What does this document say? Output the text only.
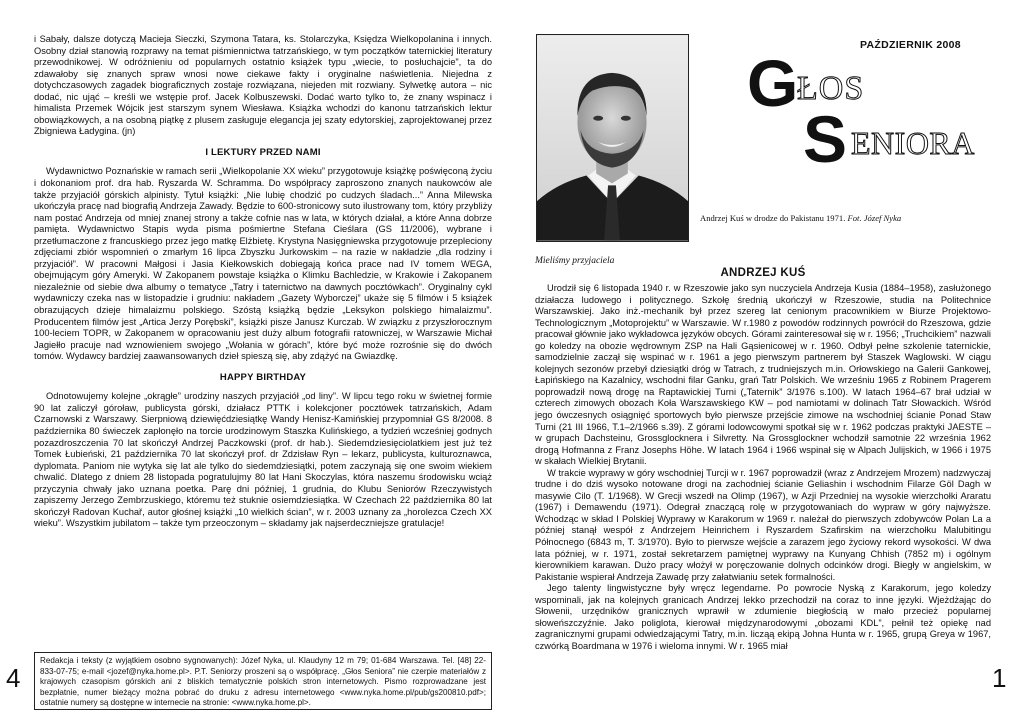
i Sabały, dalsze dotyczą Macieja Sieczki, Szymona Tatara, ks. Stolarczyka, Księdza Wielkopolanina i innych. Osobny dział stanowią rozprawy na temat piśmiennictwa tatrzańskiego, w tym początków taternickiej literatury przewodnikowej. W odróżnieniu od popularnych ostatnio książek typu „wiecie, to posłuchajcie”, ta do zdawałoby się znanych spraw wnosi nowe ciekawe fakty i oryginalne naświetlenia. Niejedna z dotychczasowych zagadek biograficznych zostaje rozwiązana, niejeden mit rozwiany. Sylwetkę autora – nic dodać, nic ująć – kreśli we wstępie prof. Jacek Kolbuszewski. Dodać warto tylko to, że znany wspinacz i himalista Przemek Wójcik jest starszym synem Wiesława. Książka wchodzi do kanonu tatrzańskich lektur obowiązkowych, a na osobną piątkę z plusem zasługuje elegancja jej szaty edytorskiej, zaprojektowanej przez Zbigniewa Ładygina. (jn)

I LEKTURY PRZED NAMI

Wydawnictwo Poznańskie w ramach serii „Wielkopolanie XX wieku” przygotowuje książkę poświęconą życiu i dokonaniom prof. dra hab. Ryszarda W. Schramma. Do współpracy zaproszono znanych naukowców ale także przyjaciół górskich alpinisty. Tytuł książki: „Nie lubię chodzić po cudzych śladach...” Anna Milewska ukończyła pracę nad biografią Andrzeja Zawady. Będzie to 600-stronicowy suto ilustrowany tom, który przybliży nam postać Andrzeja od mniej znanej strony a także cofnie nas w lata, w których działał, a które Anna dobrze pamięta. Wydawnictwo Stapis wyda pisma pośmiertne Stefana Cieślara (GS 11/2006), wybrane i przetłumaczone z francuskiego przez jego matkę Elżbietę. Krystyna Nasięgniewska przygotowuje przepleciony zdjęciami zbiór wspomnień o zmarłym 16 lipca Zbyszku Jurkowskim – na razie w nakładzie „dla rodziny i przyjaciół”. W pracowni Małgosi i Jasia Kiełkowskich dobiegają końca prace nad IV tomem WEGA, obejmującym góry Ameryki. W Zakopanem powstaje książka o Klimku Bachledzie, w Krakowie i Zakopanem niezależnie od siebie dwa albumy o tematyce „Tatry i taternictwo na dawnych pocztówkach”. Oryginalny cykl wydawniczy czeka nas w listopadzie i grudniu: nakładem „Gazety Wyborczej” ukaże się 5 filmów i 5 książek obrazujących dzieje himalaizmu polskiego. Szóstą książką będzie „Leksykon polskiego himalaizmu”. Producentem filmów jest „Artica Jerzy Porębski”, książki pisze Janusz Kurczab. W związku z przyszłorocznym 100-leciem TOPR, w Zakopanem w opracowaniu jest duży album fotografii ratowniczej, w Warszawie Michał Jagiełło pracuje nad wznowieniem swojego „Wołania w górach”, które być może rozrośnie się do dwóch tomów. Wydawcy bardziej zaawansowanych dzieł spieszą się, aby zdążyć na Gwiazdkę.

HAPPY BIRTHDAY

Odnotowujemy kolejne „okrągłe” urodziny naszych przyjaciół „od liny”. W lipcu tego roku w świetnej formie 90 lat zaliczył góroław, publicysta górski, działacz PTTK i kolekcjoner pocztówek tatrzańskich, Adam Czarnowski z Warszawy. Sierpniową dziewięćdziesiątkę Wandy Henisz-Kamińskiej przypomniał GS 8/2008. 8 października 80 świeczek zapłonęło na torcie urodzinowym Staszka Kulińskiego, a tydzień wcześniej godnych pozazdroszczenia 70 lat skończył Andrzej Paczkowski (prof. dr hab.). Siedemdziesięciolatkiem jest już też Tomek Łubieński, 21 października 70 lat skończył prof. dr Zdzisław Ryn – lekarz, publicysta, kulturoznawca, dyplomata. Paniom nie wytyka się lat ale tylko do siedemdziesiątki, potem zaczynają się one swoim wiekiem chwalić. Dlatego z dniem 28 listopada pogratulujmy 80 lat Hani Skoczylas, która naszemu środowisku wciąż przyczynia chwały jako uznana poetka. Parę dni później, 1 grudnia, do Klubu Seniorów Rzeczywistych zapiszemy Jerzego Zembrzuskiego, któremu też stuknie osiemdziesiątka. W Czechach 22 października 80 lat skończył Radovan Kuchař, autor głośnej książki „10 wielkich ścian”, w r. 2003 uznany za „horolezca Czech XX wieku”. Wszystkim jubilatom – także tym przeoczonym – składamy jak najserdeczniejsze gratulacje!

Redakcja i teksty (z wyjątkiem osobno sygnowanych): Józef Nyka, ul. Klaudyny 12 m 79; 01-684 Warszawa. Tel. [48] 22-833-07-75; e-mail <jozef@nyka.home.pl>. P.T. Seniorzy proszeni są o współpracę. „Głos Seniora” nie czerpie materiałów z krajowych czasopism górskich ani z bliskich tematycznie polskich stron internetowych. Pismo rozprowadzane jest bezpłatnie, numer bieżący można pobrać do druku z adresu internetowego <www.nyka.home.pl/pub/gs200810.pdf>; ostatnie numery są dostępne w internecie na stronie: <www.nyka.home.pl>.
4
PAŹDZIERNIK 2008
G
ŁOS
S ENIORA
Andrzej Kuś w drodze do Pakistanu 1971. Fot. Józef Nyka
Mieliśmy przyjaciela
ANDRZEJ KUŚ

Urodził się 6 listopada 1940 r. w Rzeszowie jako syn nuczyciela Andrzeja Kusia (1884–1958), zasłużonego działacza ludowego i politycznego. Szkołę średnią ukończył w Rzeszowie, studia na Politechnice Warszawskiej. Jako inż.-mechanik był przez szereg lat cenionym pracownikiem w Biurze Projektowo-Technologicznym „Motoprojektu” w Warszawie. W r.1980 z powodów rodzinnych powrócił do Rzeszowa, gdzie pracował głównie jako wykładowca języków obcych. Górami zainteresował się w r. 1956; „Truchcikiem” nazwali go koledzy na obozie wędrownym ZSP na Hali Gąsienicowej w r. 1960. Odbył pełne szkolenie taternickie, samodzielnie zaczął się wspinać w r. 1961 a jego pierwszym partnerem był Staszek Waglowski. W ciągu kolejnych sezonów przebył dziesiątki dróg w Tatrach, z trudniejszych m.in. Orłowskiego na Galerii Gankowej, Łapińskiego na Kazalnicy, wschodni filar Ganku, grań Tatr Polskich. We wrześniu 1965 z Robinem Pragerem poprowadził nową drogę na Raptawickiej Turni („Taternik” 3/1976 s.100). W latach 1964–67 brał udział w czterech zimowych obozach Koła Warszawskiego KW – pod namiotami w dolinach Tatr Słowackich. Wśród jego ówczesnych osiągnięć sportowych było pierwsze przejście zimowe na wschodniej ścianie Ponad Staw Turni (21 III 1966, T.1–2/1966 s.39). Z górami lodowcowymi spotkał się w r. 1962 podczas praktyki JAESTE – w grupach Dachsteinu, Grossglocknera i Silvretty. Na Grossglockner wchodził samotnie 22 września 1962 drogą Hofmanna z Franz Josephs Höhe. W latach 1964 i 1966 wspinał się w Alpach Julijskich, w 1966 i 1975 w skałach Wielkiej Brytanii.

W trakcie wyprawy w góry wschodniej Turcji w r. 1967 poprowadził (wraz z Andrzejem Mrozem) nadzwyczaj trudne i do dziś wysoko notowane drogi na zachodniej ścianie Geliashin i wschodnim Filarze Göl Dagh w masywie Cilo (T. 1/1968). W Grecji wszedł na Olimp (1967), w Azji Przedniej na wysokie wierzchołki Araratu (1967) i Demawendu (1971). Odegrał znaczącą rolę w przygotowaniach do wypraw w góry najwyższe. Wchodząc w skład I Polskiej Wyprawy w Karakorum w 1969 r. należał do pierwszych zdobywców Polan La a później stanął wespół z Andrzejem Heinrichem i Ryszardem Szafirskim na wierzchołku Malubitingu Północnego (6843 m, T. 3/1970). Było to pierwsze wejście a zarazem jego życiowy rekord wysokości. W dwa lata później, w r. 1971, został sekretarzem pamiętnej wyprawy na Kunyang Chhish (7852 m) i ogólnym kierownikiem karawan. Dużo pracy włożył w poręczowanie dolnych odcinków drogi. Biegły w angielskim, w Pakistanie wspierał Andrzeja Zawadę przy załatwianiu setek formalności.

Jego talenty lingwistyczne były wręcz legendarne. Po powrocie Nyską z Karakorum, jego koledzy wspominali, jak na kolejnych granicach Andrzej lekko przechodził na coraz to inne języki. Wjeżdżając do Słowenii, urzędników granicznych wprawił w zdumienie biegłością w mało przecież popularnej słoweńszczyźnie. Jako poliglota, kierował międzynarodowymi „obozami KDL”, pełnił też opiekę nad zagranicznymi grupami odwiedzającymi Tatry, m.in. licząą ekipą Johna Hunta w r. 1965, grupą Greya w 1967, czwórką Boardmana w 1976 i wieloma innymi. W r. 1965 miał

1
